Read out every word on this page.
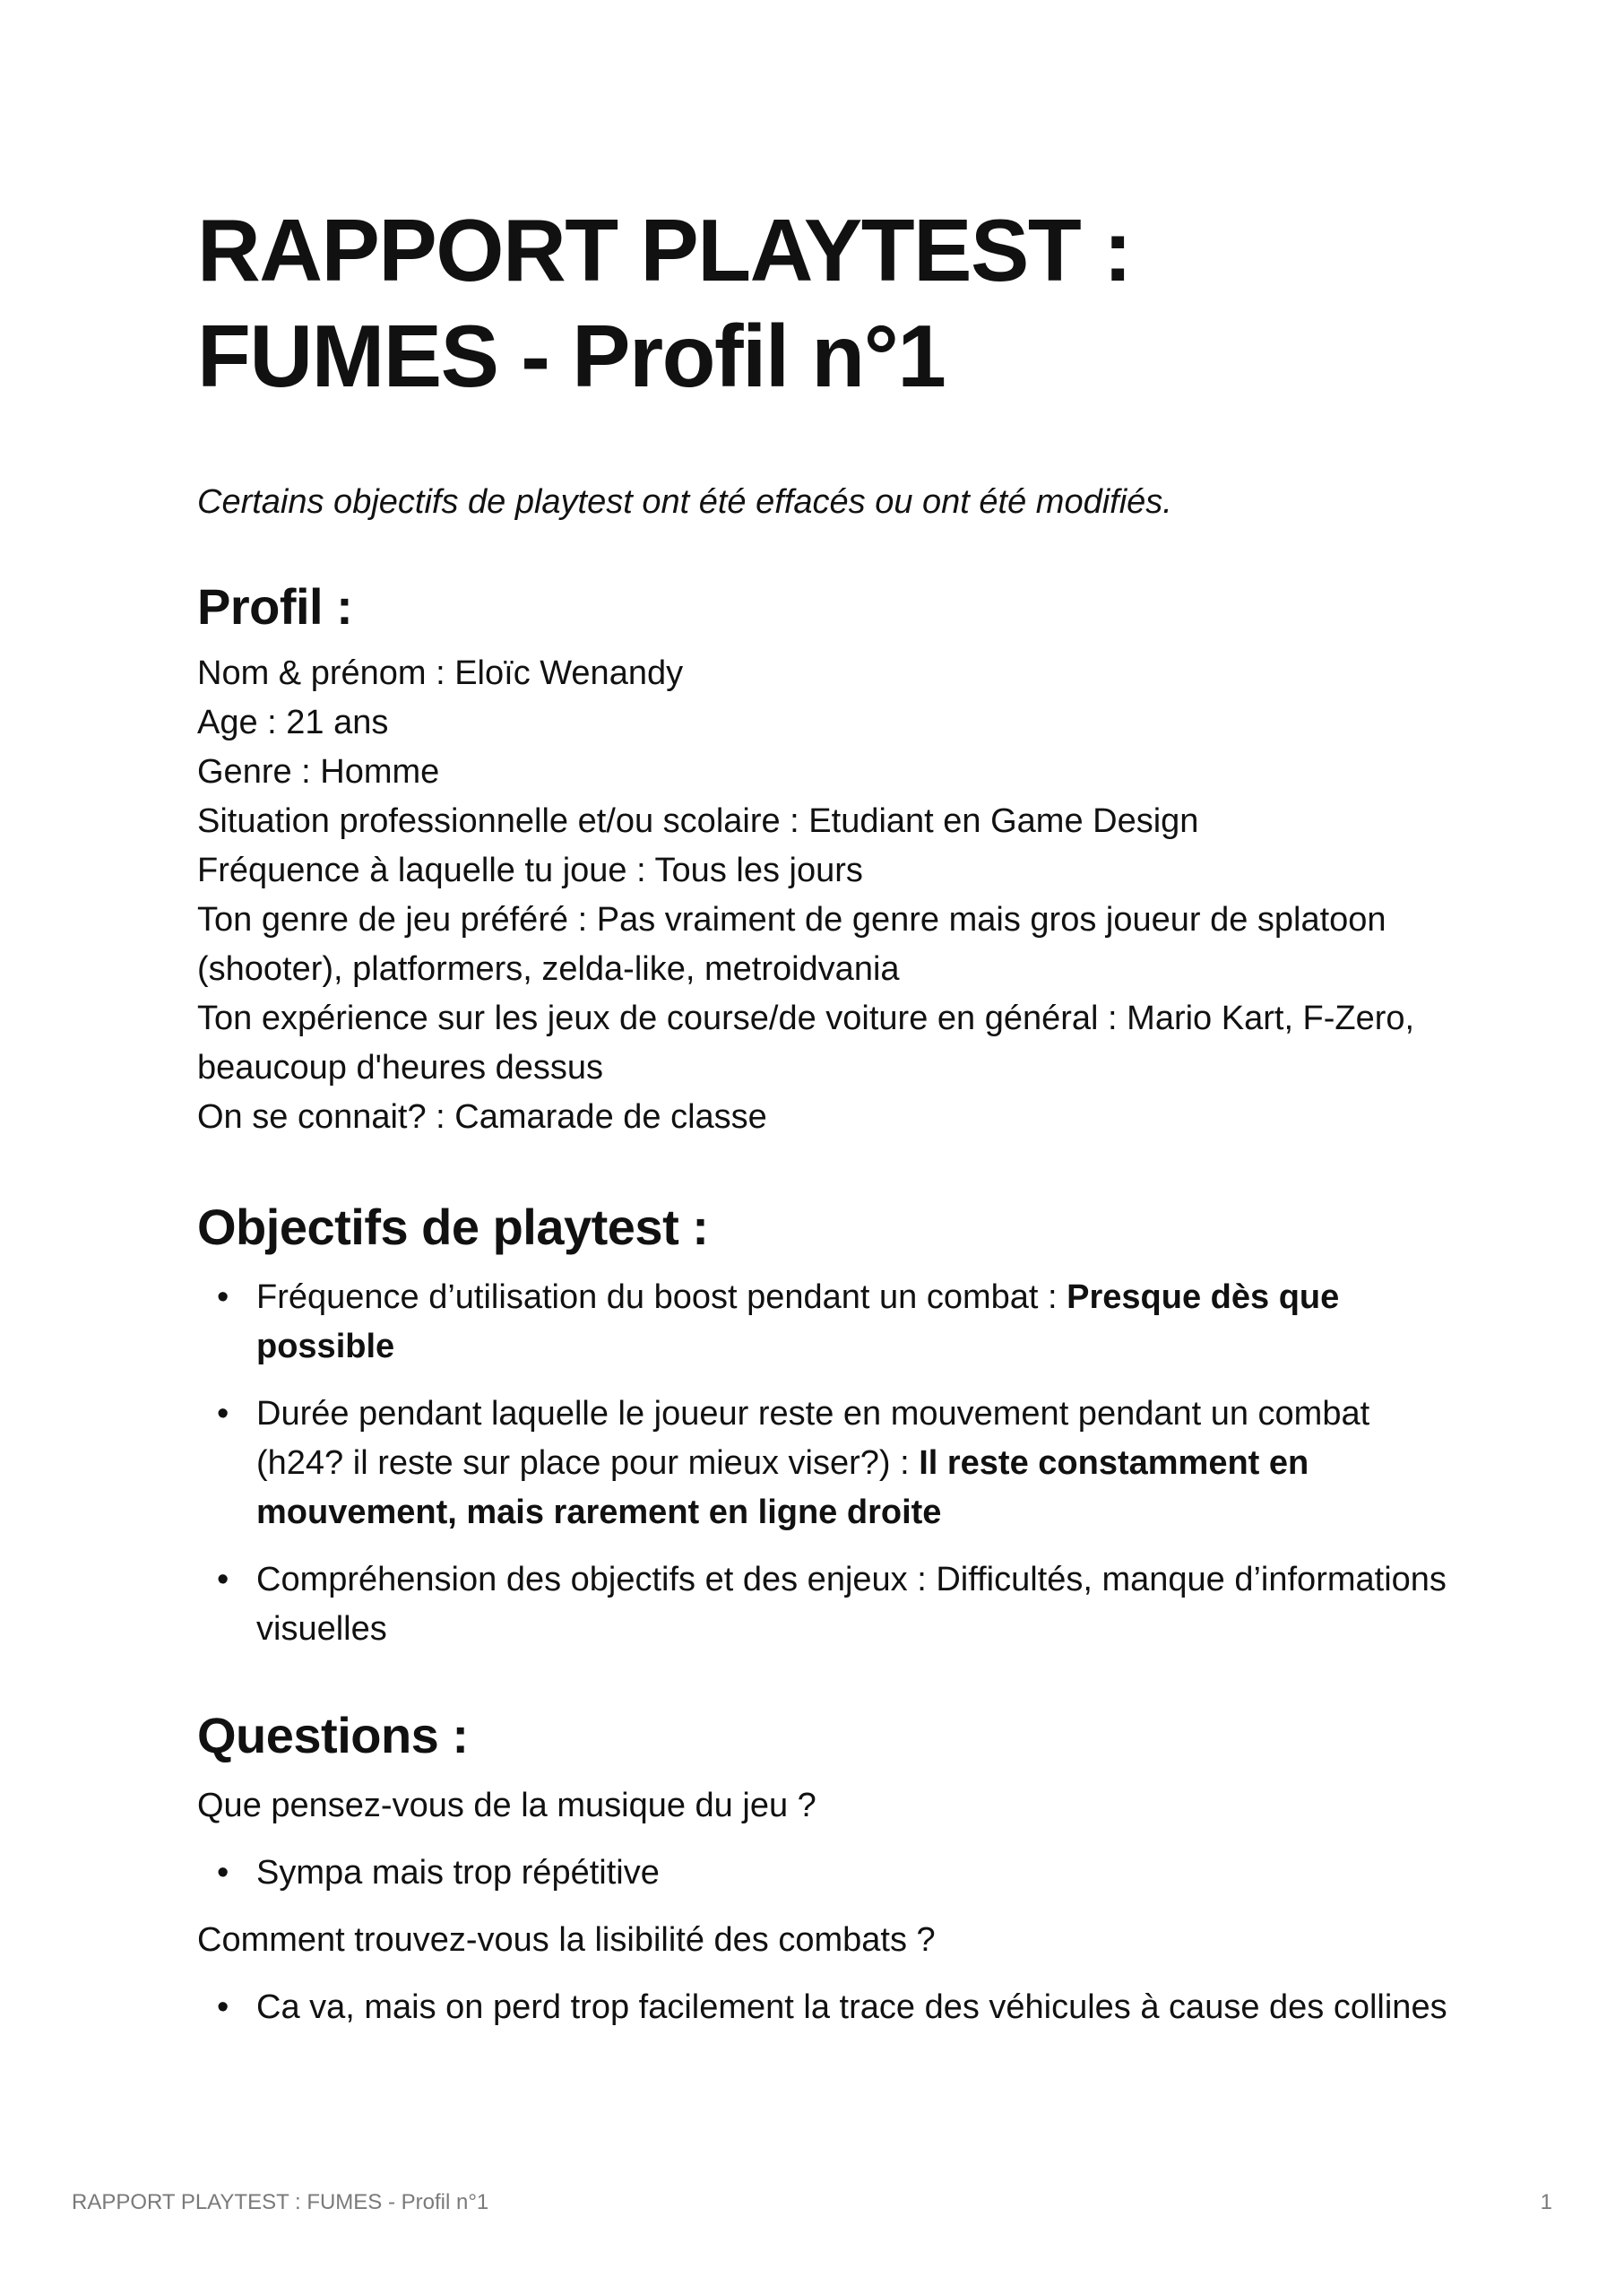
RAPPORT PLAYTEST : FUMES - Profil n°1

Certains objectifs de playtest ont été effacés ou ont été modifiés.

Profil :
Nom & prénom : Eloïc Wenandy
Age : 21 ans
Genre : Homme
Situation professionnelle et/ou scolaire : Etudiant en Game Design
Fréquence à laquelle tu joue : Tous les jours
Ton genre de jeu préféré : Pas vraiment de genre mais gros joueur de splatoon (shooter), platformers, zelda-like, metroidvania
Ton expérience sur les jeux de course/de voiture en général : Mario Kart, F-Zero, beaucoup d'heures dessus
On se connait? : Camarade de classe
Objectifs de playtest :
• Fréquence d’utilisation du boost pendant un combat : Presque dès que possible
• Durée pendant laquelle le joueur reste en mouvement pendant un combat (h24? il reste sur place pour mieux viser?) : Il reste constamment en mouvement, mais rarement en ligne droite
• Compréhension des objectifs et des enjeux : Difficultés, manque d’informations visuelles
Questions :
Que pensez-vous de la musique du jeu ?
• Sympa mais trop répétitive
Comment trouvez-vous la lisibilité des combats ?
• Ca va, mais on perd trop facilement la trace des véhicules à cause des collines
RAPPORT PLAYTEST : FUMES - Profil n°1	1
